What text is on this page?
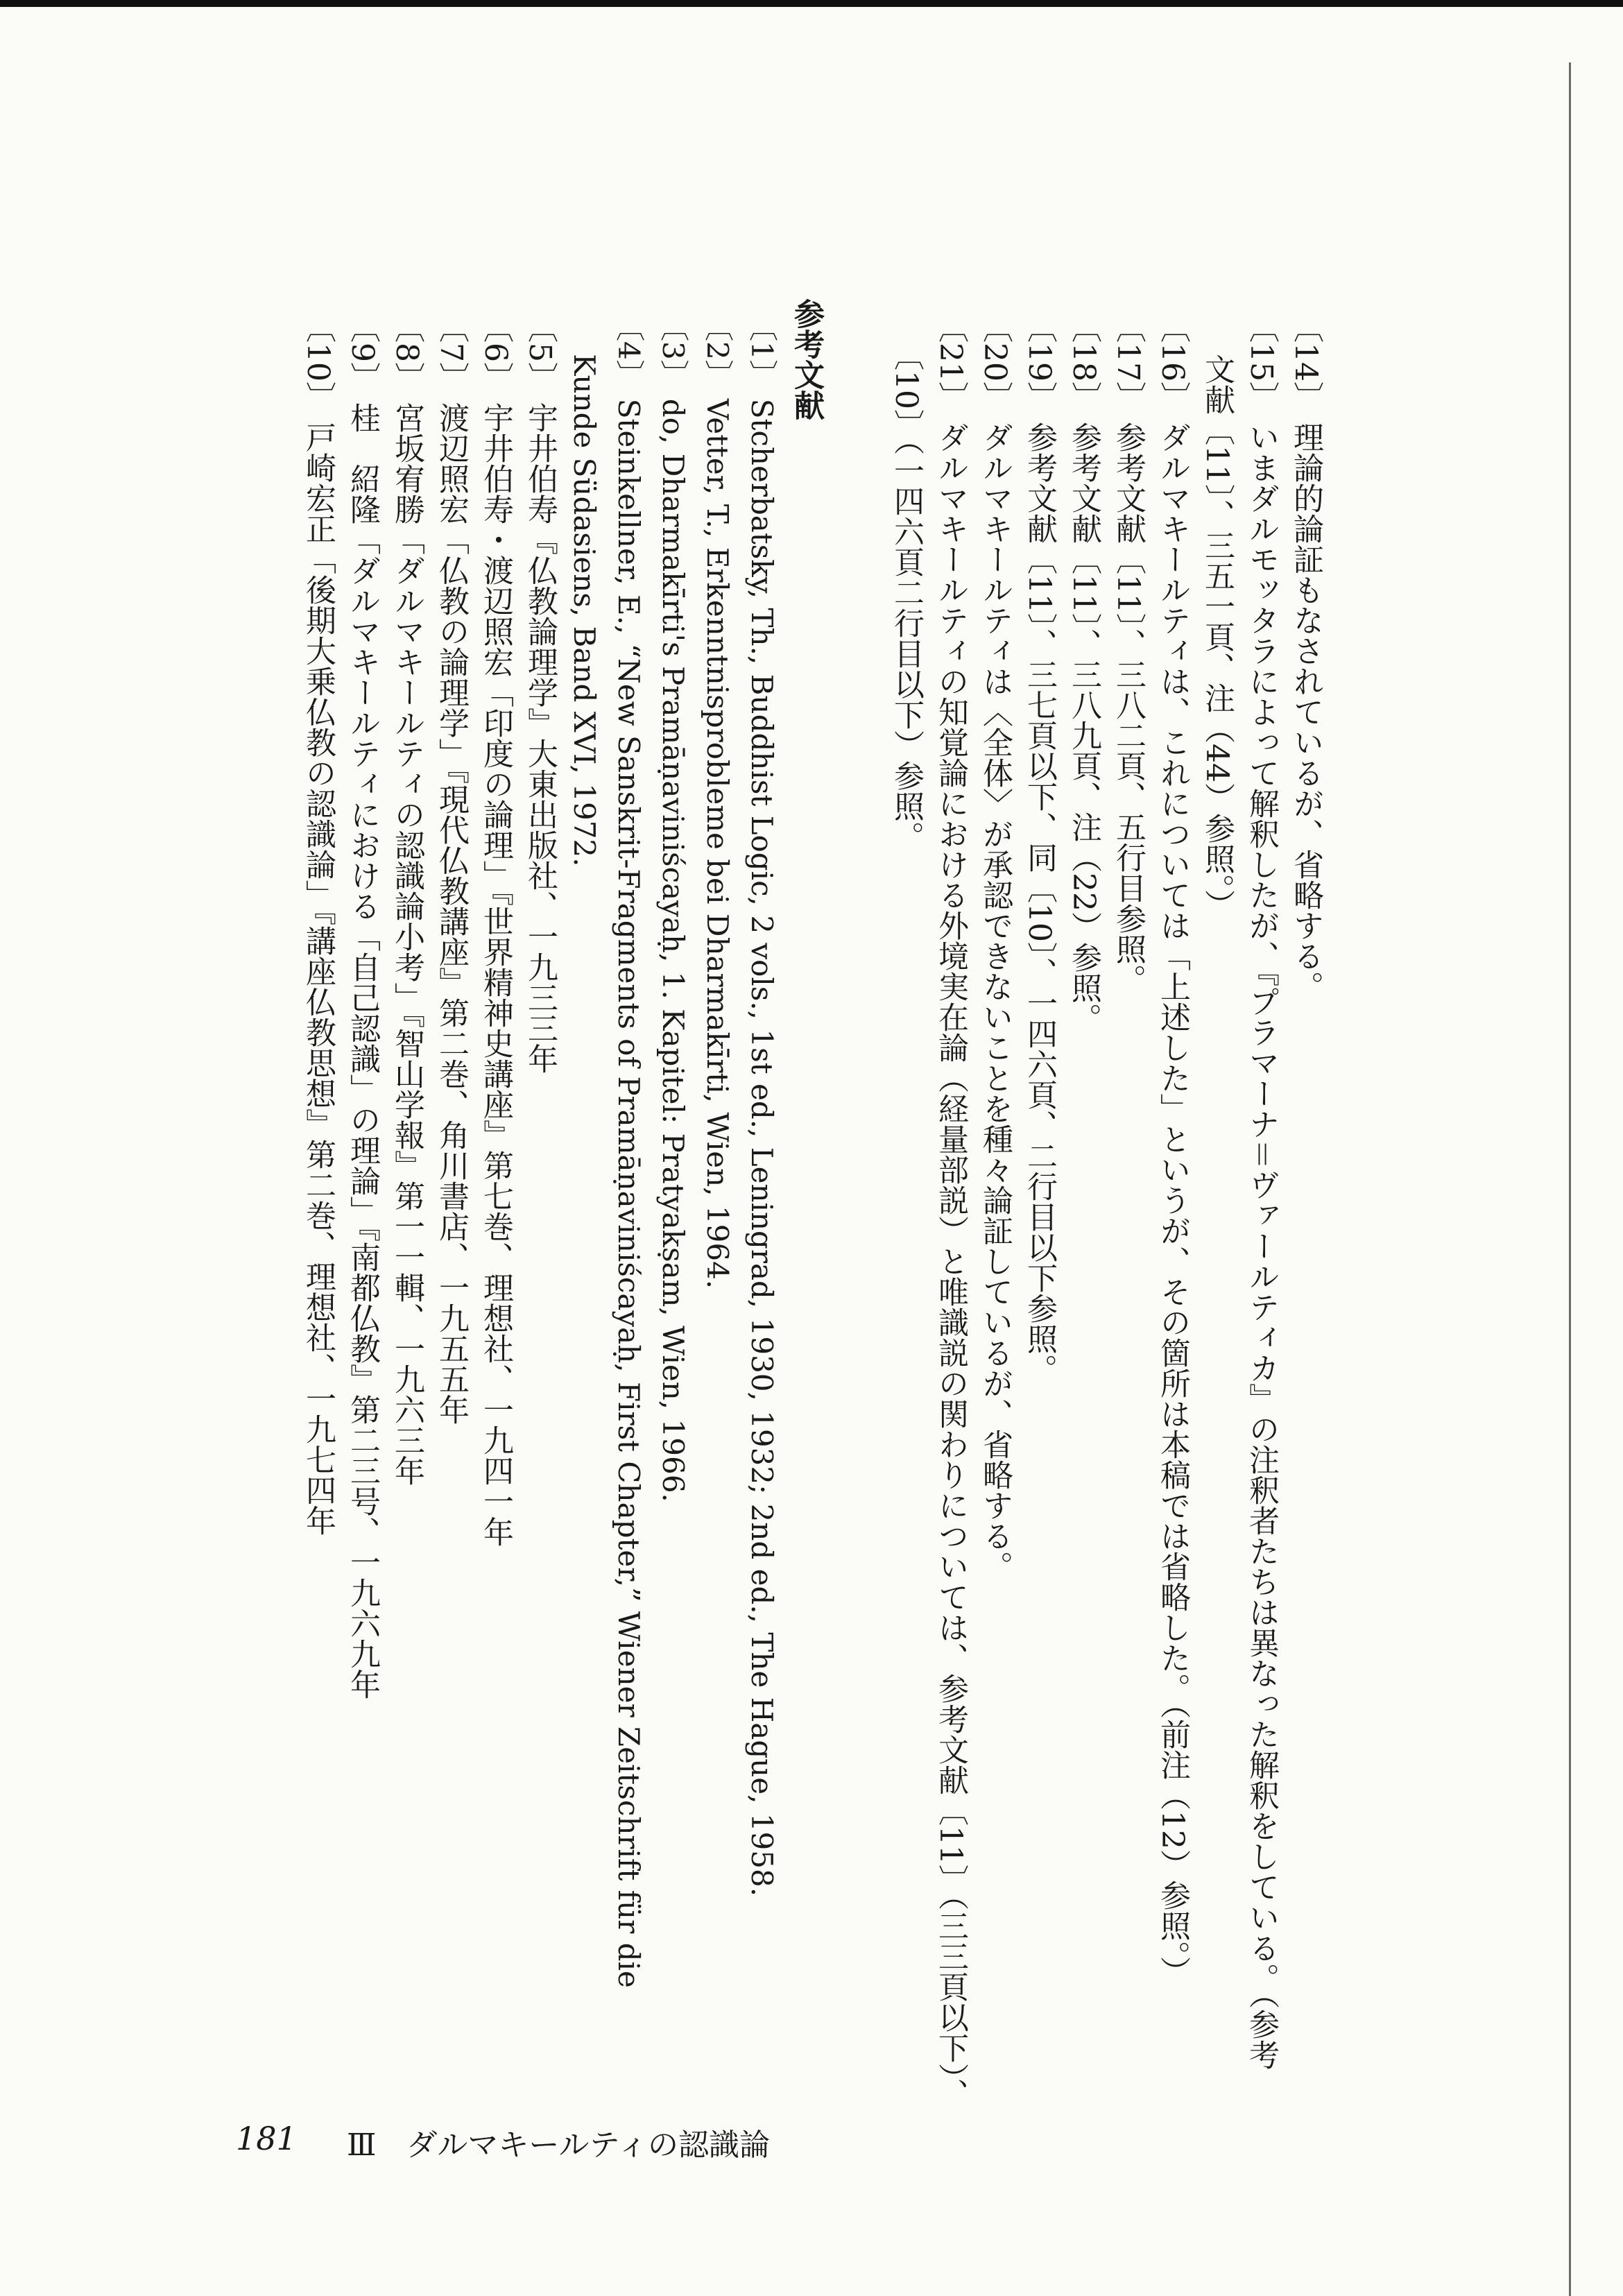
〔14〕理論的論証もなされているが、省略する。
〔15〕いまダルモッタラによって解釈したが、『プラマーナ＝ヴァールティカ』の注釈者たちは異なった解釈をしている。（参考
文献〔11〕、三五一頁、注（44）参照。）
〔16〕ダルマキールティは、これについては「上述した」というが、その箇所は本稿では省略した。（前注（12）参照。）
〔17〕参考文献〔11〕、三八二頁、五行目参照。
〔18〕参考文献〔11〕、三八九頁、注（22）参照。
〔19〕参考文献〔11〕、三七頁以下、同〔10〕、一四六頁、二行目以下参照。
〔20〕ダルマキールティは〈全体〉が承認できないことを種々論証しているが、省略する。
〔21〕ダルマキールティの知覚論における外境実在論（経量部説）と唯識説の関わりについては、参考文献〔11〕（三三頁以下）、
〔10〕（一四六頁二行目以下）参照。
参考文献
〔1〕Stcherbatsky, Th., Buddhist Logic, 2 vols., 1st ed., Leningrad, 1930, 1932; 2nd ed., The Hague, 1958.
〔2〕Vetter, T., Erkenntnisprobleme bei Dharmakīrti, Wien, 1964.
〔3〕do, Dharmakīrti's Pramāṇaviniścayaḥ, 1. Kapitel: Pratyakṣam, Wien, 1966.
〔4〕Steinkellner, E., “New Sanskrit-Fragments of Pramāṇaviniścayaḥ, First Chapter,” Wiener Zeitschrift für die
Kunde Südasiens, Band XVI, 1972.
〔5〕宇井伯寿『仏教論理学』大東出版社、一九三三年
〔6〕宇井伯寿・渡辺照宏「印度の論理」『世界精神史講座』第七巻、理想社、一九四一年
〔7〕渡辺照宏「仏教の論理学」『現代仏教講座』第二巻、角川書店、一九五五年
〔8〕宮坂宥勝「ダルマキールティの認識論小考」『智山学報』第一一輯、一九六三年
〔9〕桂　紹隆「ダルマキールティにおける「自己認識」の理論」『南都仏教』第二三号、一九六九年
〔10〕戸崎宏正「後期大乗仏教の認識論」『講座仏教思想』第二巻、理想社、一九七四年
181 Ⅲ　ダルマキールティの認識論
